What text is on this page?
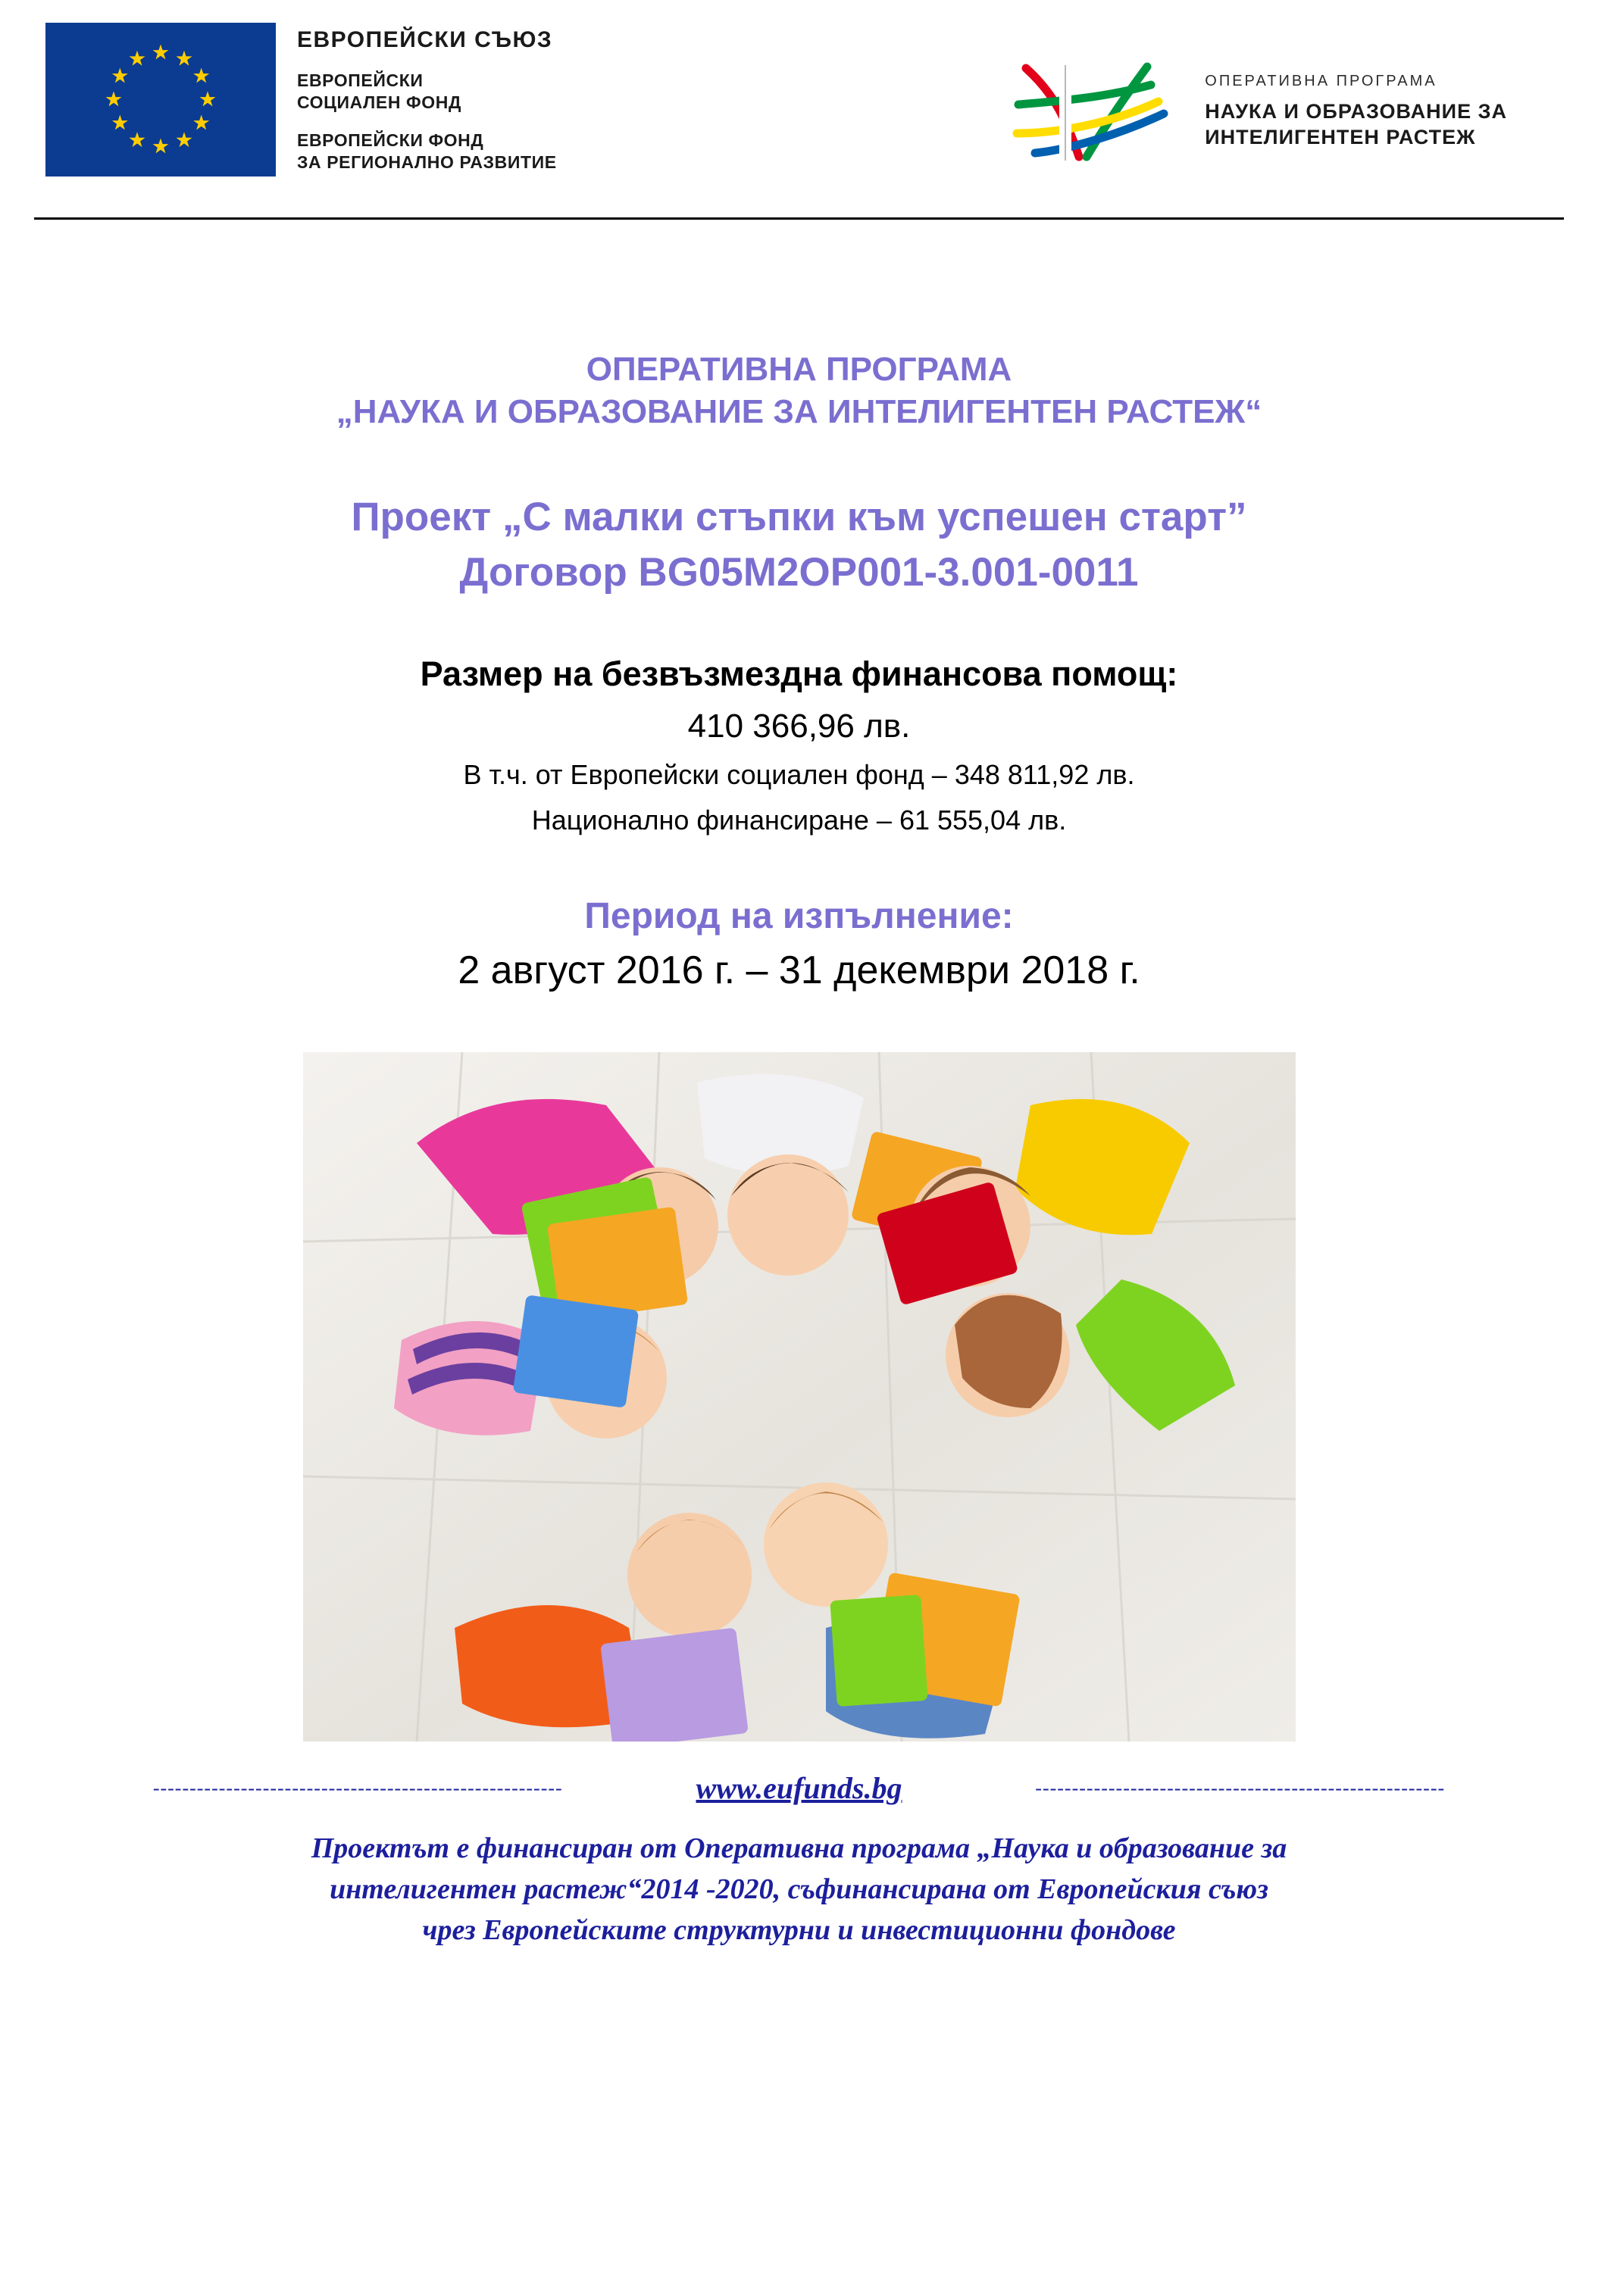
ЕВРОПЕЙСКИ СЪЮЗ
ЕВРОПЕЙСКИ
СОЦИАЛЕН ФОНД
ЕВРОПЕЙСКИ ФОНД
ЗА РЕГИОНАЛНО РАЗВИТИЕ
ОПЕРАТИВНА ПРОГРАМА
НАУКА И ОБРАЗОВАНИЕ ЗА
ИНТЕЛИГЕНТЕН РАСТЕЖ
ОПЕРАТИВНА ПРОГРАМА
„НАУКА И ОБРАЗОВАНИЕ ЗА ИНТЕЛИГЕНТЕН РАСТЕЖ“
Проект „С малки стъпки към успешен старт”
Договор BG05M2OP001-3.001-0011
Размер на безвъзмездна финансова помощ:
410 366,96 лв.
В т.ч. от Европейски социален фонд – 348 811,92 лв.
Национално финансиране – 61 555,04 лв.
Период на изпълнение:
2 август 2016 г. – 31 декември 2018 г.
--------------------------------------------------------	www.eufunds.bg	--------------------------------------------------------
Проектът е финансиран от Оперативна програма „Наука и образование за
интелигентен растеж“2014 -2020, съфинансирана от Европейския съюз
чрез Европейските структурни и инвестиционни фондове
